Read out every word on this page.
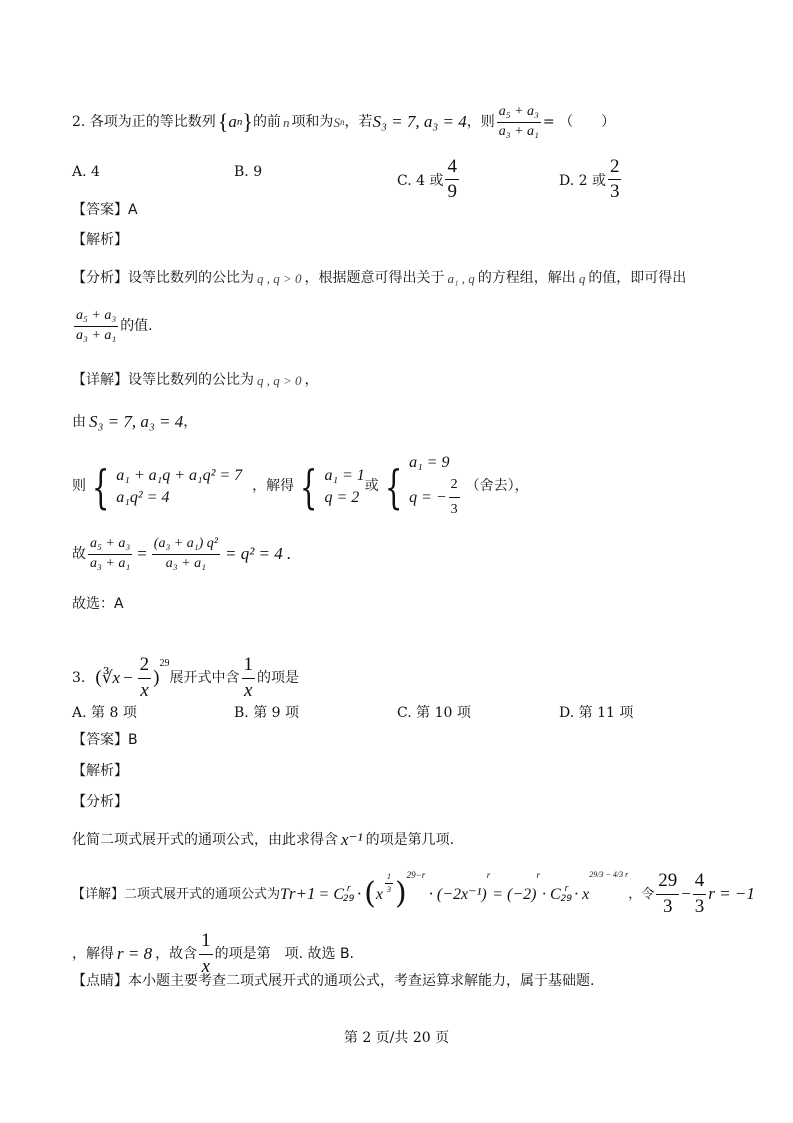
2. 各项为正的等比数列 { a n } 的前 n 项和为 S n ，若 S₃ = 7, a₃ = 4 ，则 $\frac{\text{a₅ + a₃}}{\text{a₃ + a₁}}$ = （　　）
A. 4	B. 9
C. 4 或 $\frac{4}{9}$	D. 2 或 $\frac{2}{3}$
【答案】A
【解析】
【分析】设等比数列的公比为 q , q > 0 ，根据题意可得出关于 a₁ , q 的方程组，解出 q 的值，即可得出
$\frac{\text{a₅ + a₃}}{\text{a₃ + a₁}}$ 的值.
【详解】设等比数列的公比为 q , q > 0 ，
由 S₃ = 7, a₃ = 4 ，
则 { a₁ + a₁q + a₁q² = 7
a₁q² = 4
，解得 { a₁ = 1
q = 2
或 { a₁ = 9
q = − $\frac{2}{3}$ （舍去），
故 $\frac{\text{a₅ + a₃}}{\text{a₃ + a₁}} = \frac{\text{(a₃ + a₁) q²}}{\text{a₃ + a₁}} = q^2 = 4$ .
故选：A
3. ( ∛x − $\frac{2}{x}$ )
$^{29}$
展开式中含 $\frac{1}{x}$ 的项是
A. 第 8 项	B. 第 9 项	C. 第 10 项	D. 第 11 项
【答案】B
【解析】
【分析】
化简二项式展开式的通项公式，由此求得含 x⁻¹ 的项是第几项.
【详解】二项式展开式的通项公式为 T r+1 = C r
29 · ( x
$\frac{1}{3}$ )
$^{29-r}$
· (−2x⁻¹)
r
= (−2)
r
· C r
29 · x
29/3 − 4/3 r
，令 $\frac{29}{3} - \frac{4}{3}$ r = −1
，解得 r = 8 ，故含 $\frac{1}{x}$ 的项是第　项. 故选 B.
【点睛】本小题主要考查二项式展开式的通项公式，考查运算求解能力，属于基础题.
第 2 页/共 20 页
